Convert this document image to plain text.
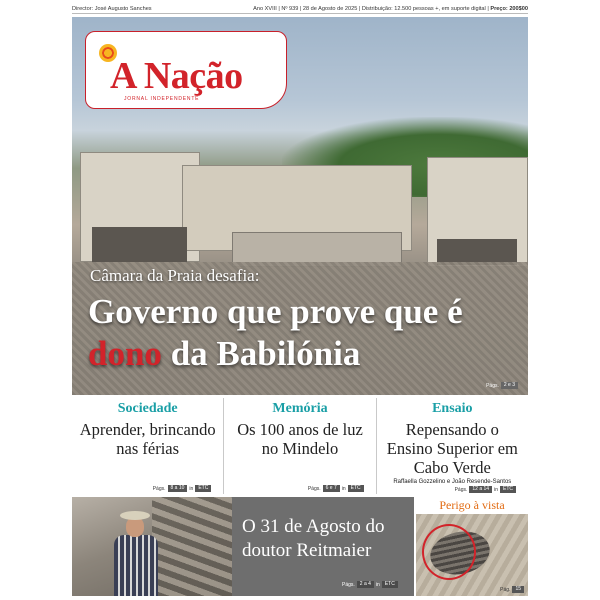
Director: José Augusto Sanches	Ano XVIII | Nº 939 | 28 de Agosto de 2025 | Distribuição: 12.500 pessoas +, em suporte digital | Preço: 200$00
A Nação
JORNAL INDEPENDENTE
Câmara da Praia desafia:
Governo que prove que é dono da Babilónia
Págs.	2 e 3
Sociedade
Aprender, brincando nas férias
Págs.	8 a 10	in	ETC
Memória
Os 100 anos de luz no Mindelo
Págs.	6 e 7	in	ETC
Ensaio
Repensando o Ensino Superior em Cabo Verde
Raffaella Gozzelino e João Resende-Santos
Págs.	12 a 14	in	ETC
O 31 de Agosto do doutor Reitmaier
Págs.	2 a 4	in	ETC
Perigo à vista
Pág.	15
